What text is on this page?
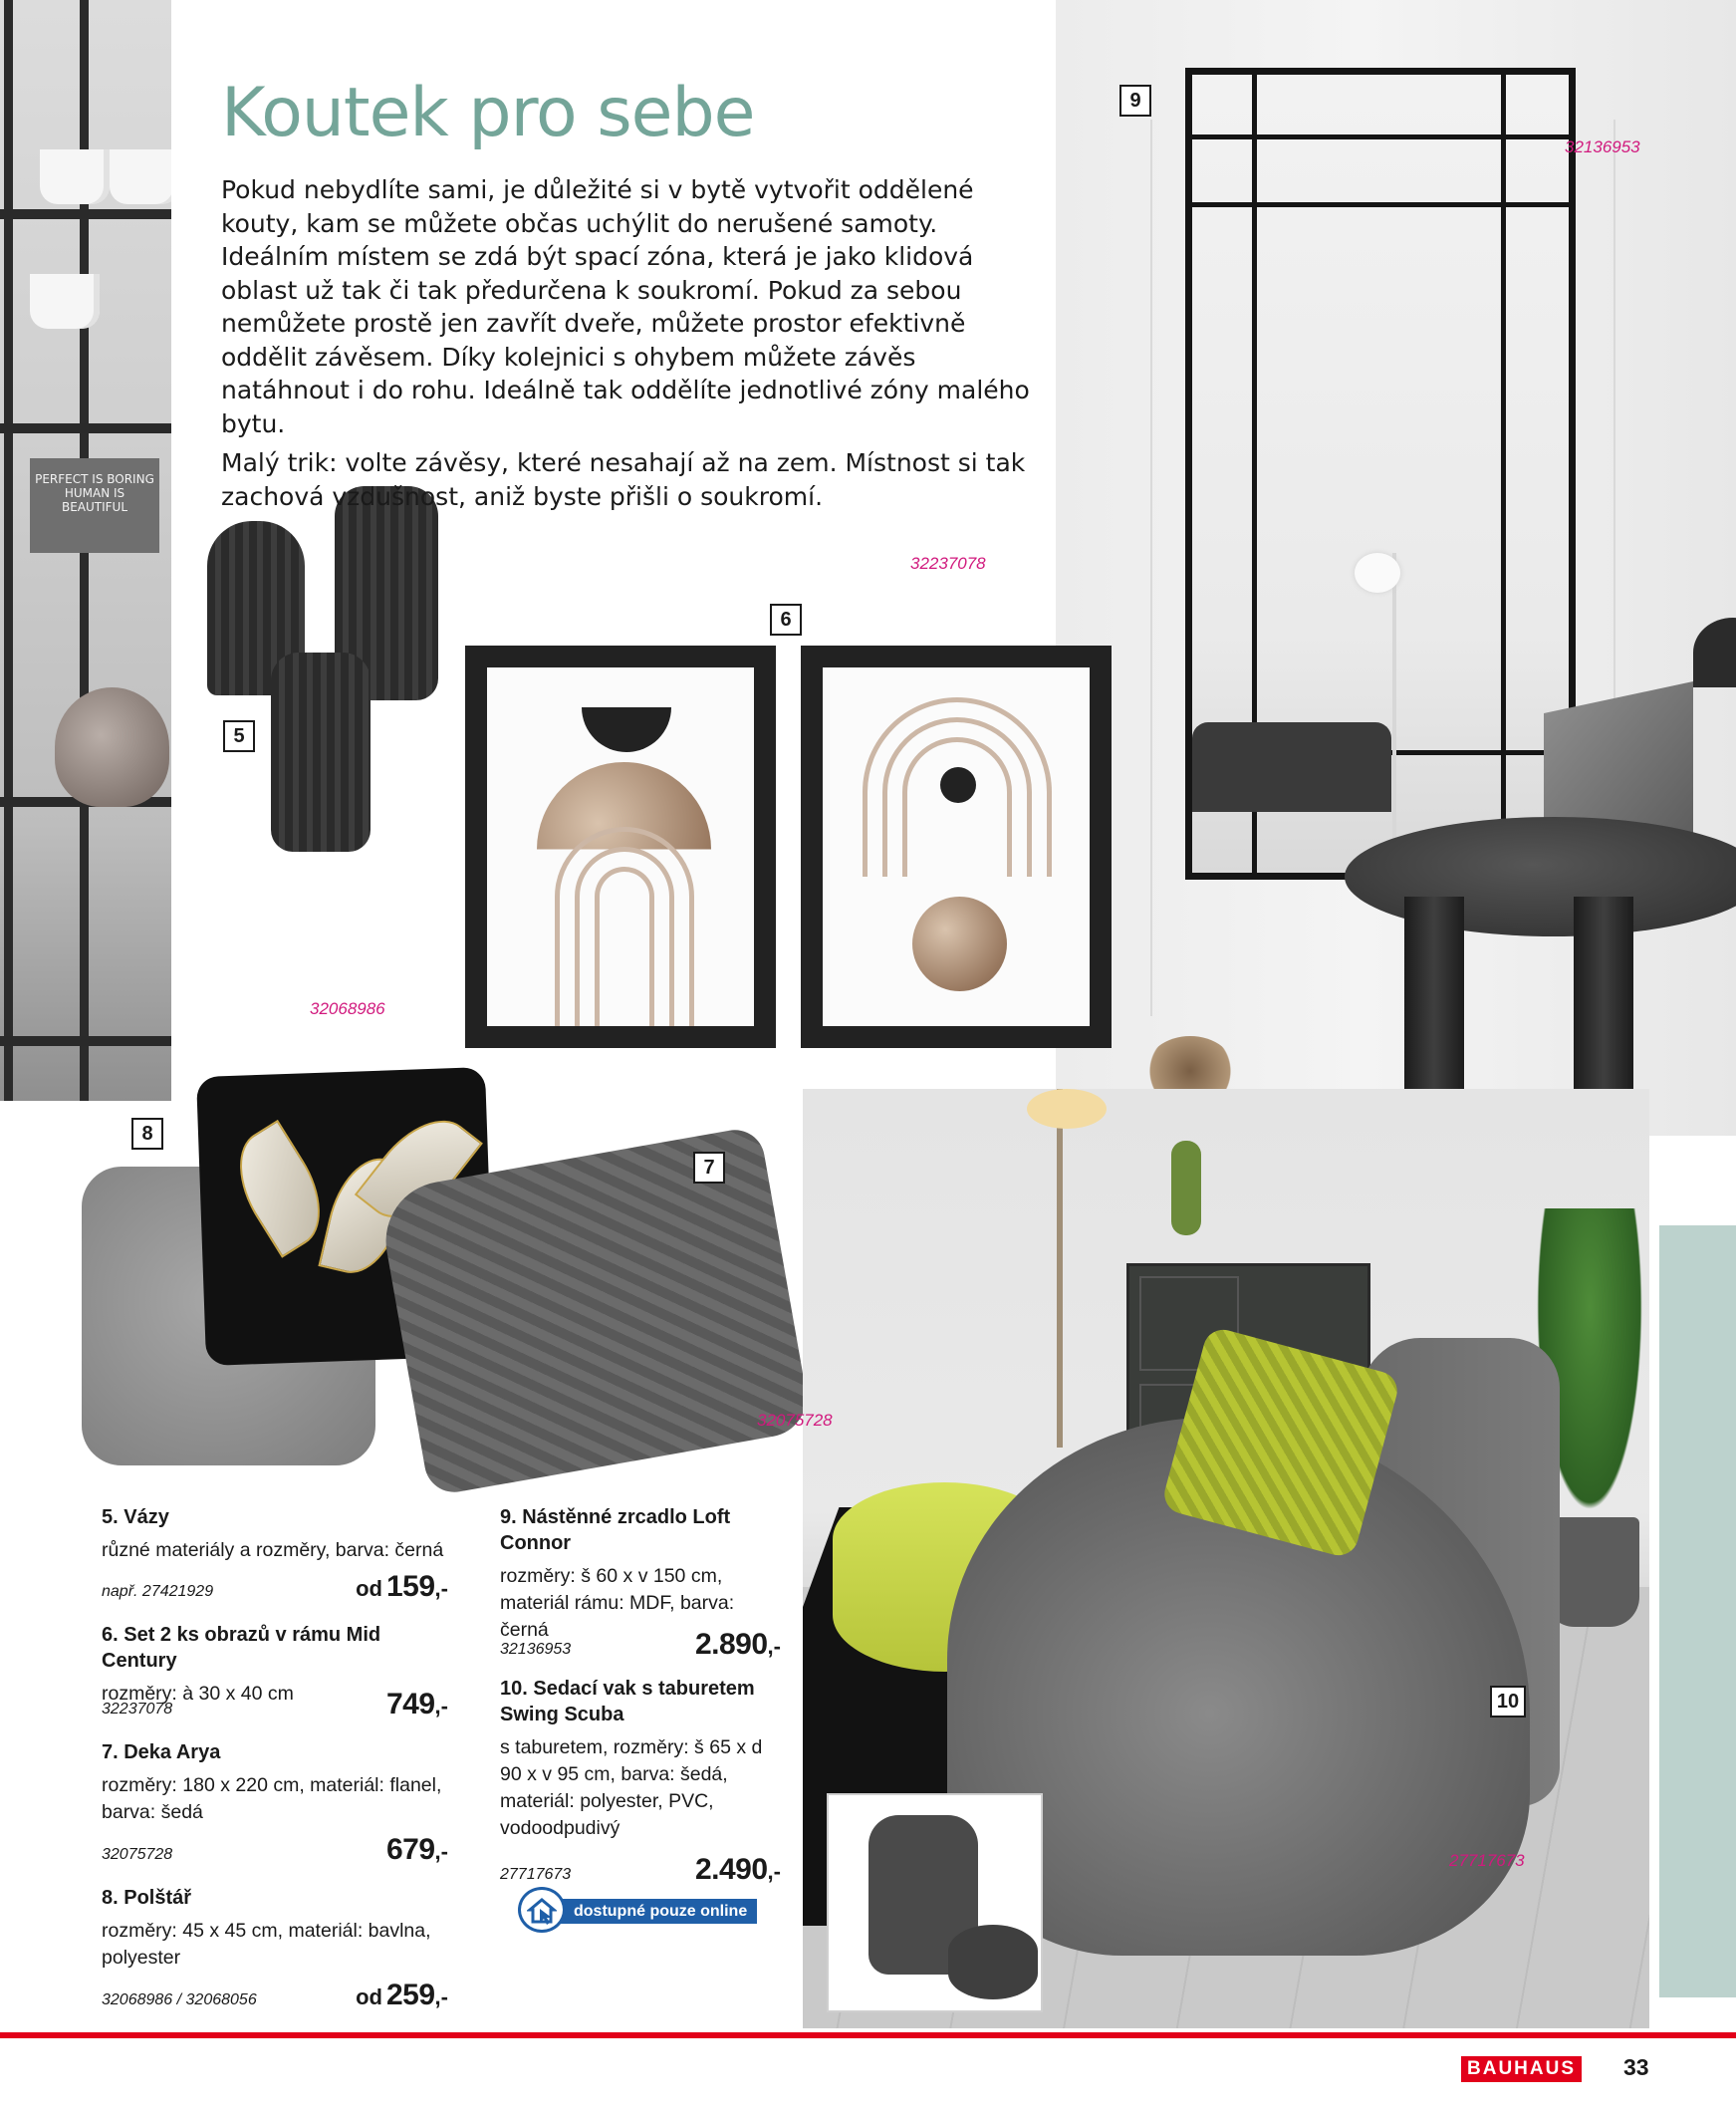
PERFECT IS BORING HUMAN IS BEAUTIFUL
Koutek pro sebe

Pokud nebydlíte sami, je důležité si v bytě vytvořit oddělené kouty, kam se můžete občas uchýlit do nerušené samoty. Ideálním místem se zdá být spací zóna, která je jako klidová oblast už tak či tak předurčena k soukromí. Pokud za sebou nemůžete prostě jen zavřít dveře, můžete prostor efektivně oddělit závěsem. Díky kolejnici s ohybem můžete závěs natáhnout i do rohu. Ideálně tak oddělíte jednotlivé zóny malého bytu.

Malý trik: volte závěsy, které nesahají až na zem. Místnost si tak zachová vzdušnost, aniž byste přišli o soukromí.

9
32136953
32237078
6
5
32068986
8
7
32075728
10
27717673
5. Vázy
různé materiály a rozměry, barva: černá
např. 27421929	od 159,-
6. Set 2 ks obrazů v rámu Mid Century
rozměry: à 30 x 40 cm
32237078	749,-
7. Deka Arya
rozměry: 180 x 220 cm, materiál: flanel, barva: šedá
32075728	679,-
8. Polštář
rozměry: 45 x 45 cm, materiál: bavlna, polyester
32068986 / 32068056	od 259,-
9. Nástěnné zrcadlo Loft Connor
rozměry: š 60 x v 150 cm, materiál rámu: MDF, barva: černá
32136953	2.890,-
10. Sedací vak s taburetem Swing Scuba
s taburetem, rozměry: š 65 x d 90 x v 95 cm, barva: šedá, materiál: polyester, PVC, vodoodpudivý
27717673	2.490,-
dostupné pouze online
BAUHAUS 33
